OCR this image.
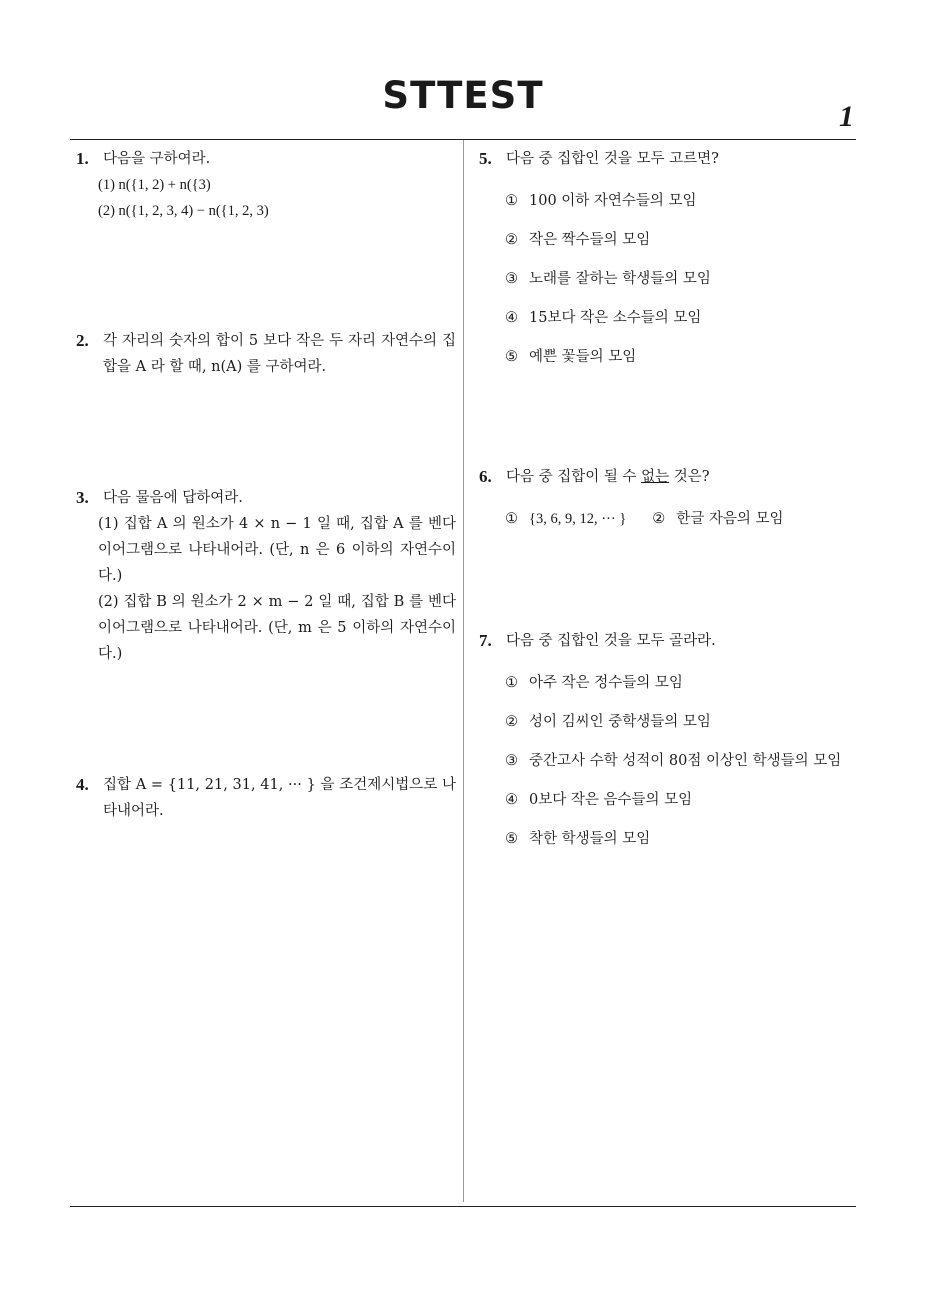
STTEST	1
1. 다음을 구하여라.
(1) n({1, 2) + n({3)
(2) n({1, 2, 3, 4) − n({1, 2, 3)
2. 각 자리의 숫자의 합이 5 보다 작은 두 자리 자연수의 집합을 A 라 할 때, n(A) 를 구하여라.
3. 다음 물음에 답하여라.
(1) 집합 A 의 원소가 4 × n − 1 일 때, 집합 A 를 벤다이어그램으로 나타내어라. (단, n 은 6 이하의 자연수이다.)
(2) 집합 B 의 원소가 2 × m − 2 일 때, 집합 B 를 벤다이어그램으로 나타내어라. (단, m 은 5 이하의 자연수이다.)
4. 집합 A = {11, 21, 31, 41, ··· } 을 조건제시법으로 나타내어라.
5. 다음 중 집합인 것을 모두 고르면?
① 100 이하 자연수들의 모임
② 작은 짝수들의 모임
③ 노래를 잘하는 학생들의 모임
④ 15보다 작은 소수들의 모임
⑤ 예쁜 꽃들의 모임
6. 다음 중 집합이 될 수 없는 것은?
① {3, 6, 9, 12, ··· } ② 한글 자음의 모임
7. 다음 중 집합인 것을 모두 골라라.
① 아주 작은 정수들의 모임
② 성이 김씨인 중학생들의 모임
③ 중간고사 수학 성적이 80점 이상인 학생들의 모임
④ 0보다 작은 음수들의 모임
⑤ 착한 학생들의 모임
